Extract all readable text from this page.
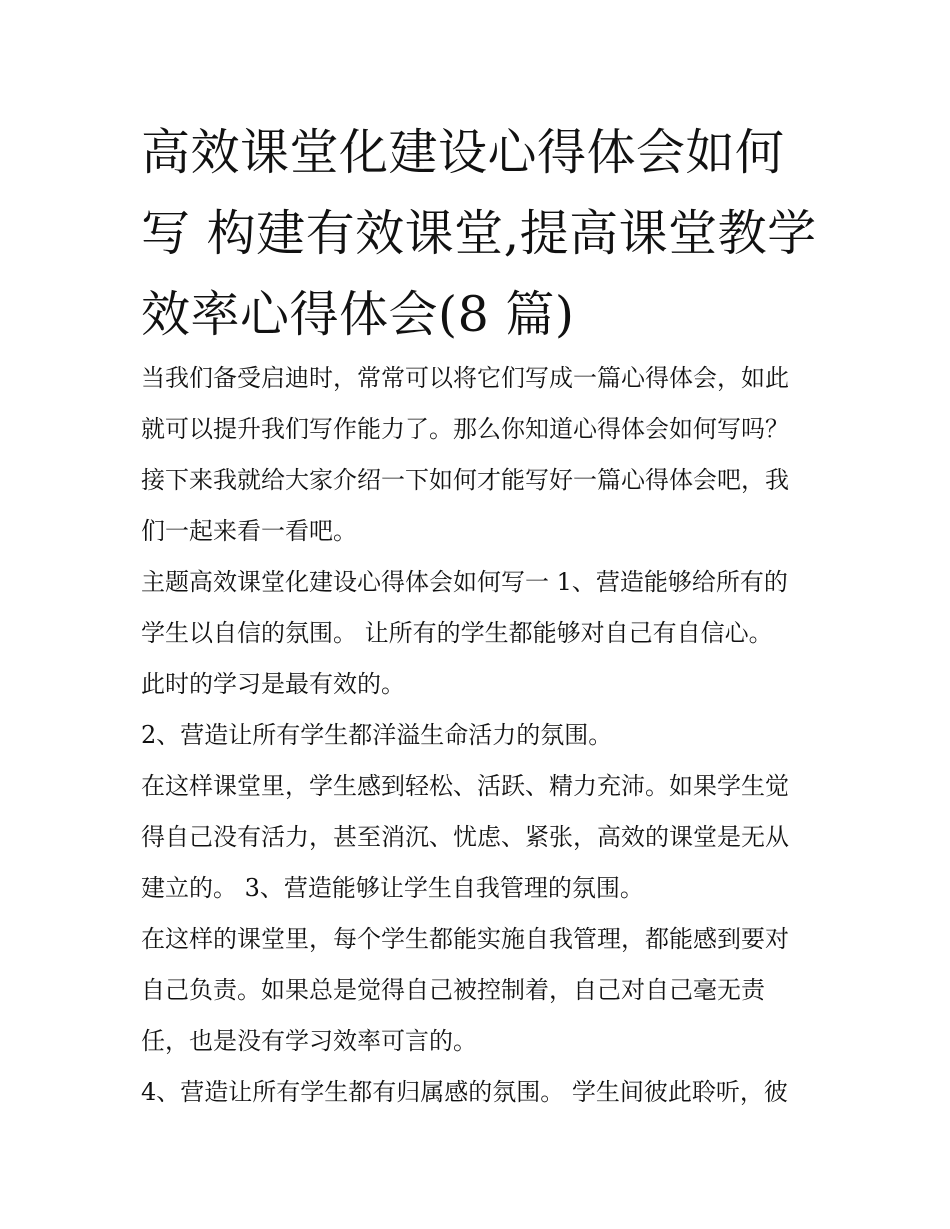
高效课堂化建设心得体会如何
写 构建有效课堂,提高课堂教学
效率心得体会(8 篇)

当我们备受启迪时，常常可以将它们写成一篇心得体会，如此
就可以提升我们写作能力了。那么你知道心得体会如何写吗？
接下来我就给大家介绍一下如何才能写好一篇心得体会吧，我
们一起来看一看吧。

主题高效课堂化建设心得体会如何写一 1、营造能够给所有的
学生以自信的氛围。 让所有的学生都能够对自己有自信心。
此时的学习是最有效的。

2、营造让所有学生都洋溢生命活力的氛围。

在这样课堂里，学生感到轻松、活跃、精力充沛。如果学生觉
得自己没有活力，甚至消沉、忧虑、紧张，高效的课堂是无从
建立的。 3、营造能够让学生自我管理的氛围。

在这样的课堂里，每个学生都能实施自我管理，都能感到要对
自己负责。如果总是觉得自己被控制着，自己对自己毫无责
任，也是没有学习效率可言的。

4、营造让所有学生都有归属感的氛围。 学生间彼此聆听，彼
